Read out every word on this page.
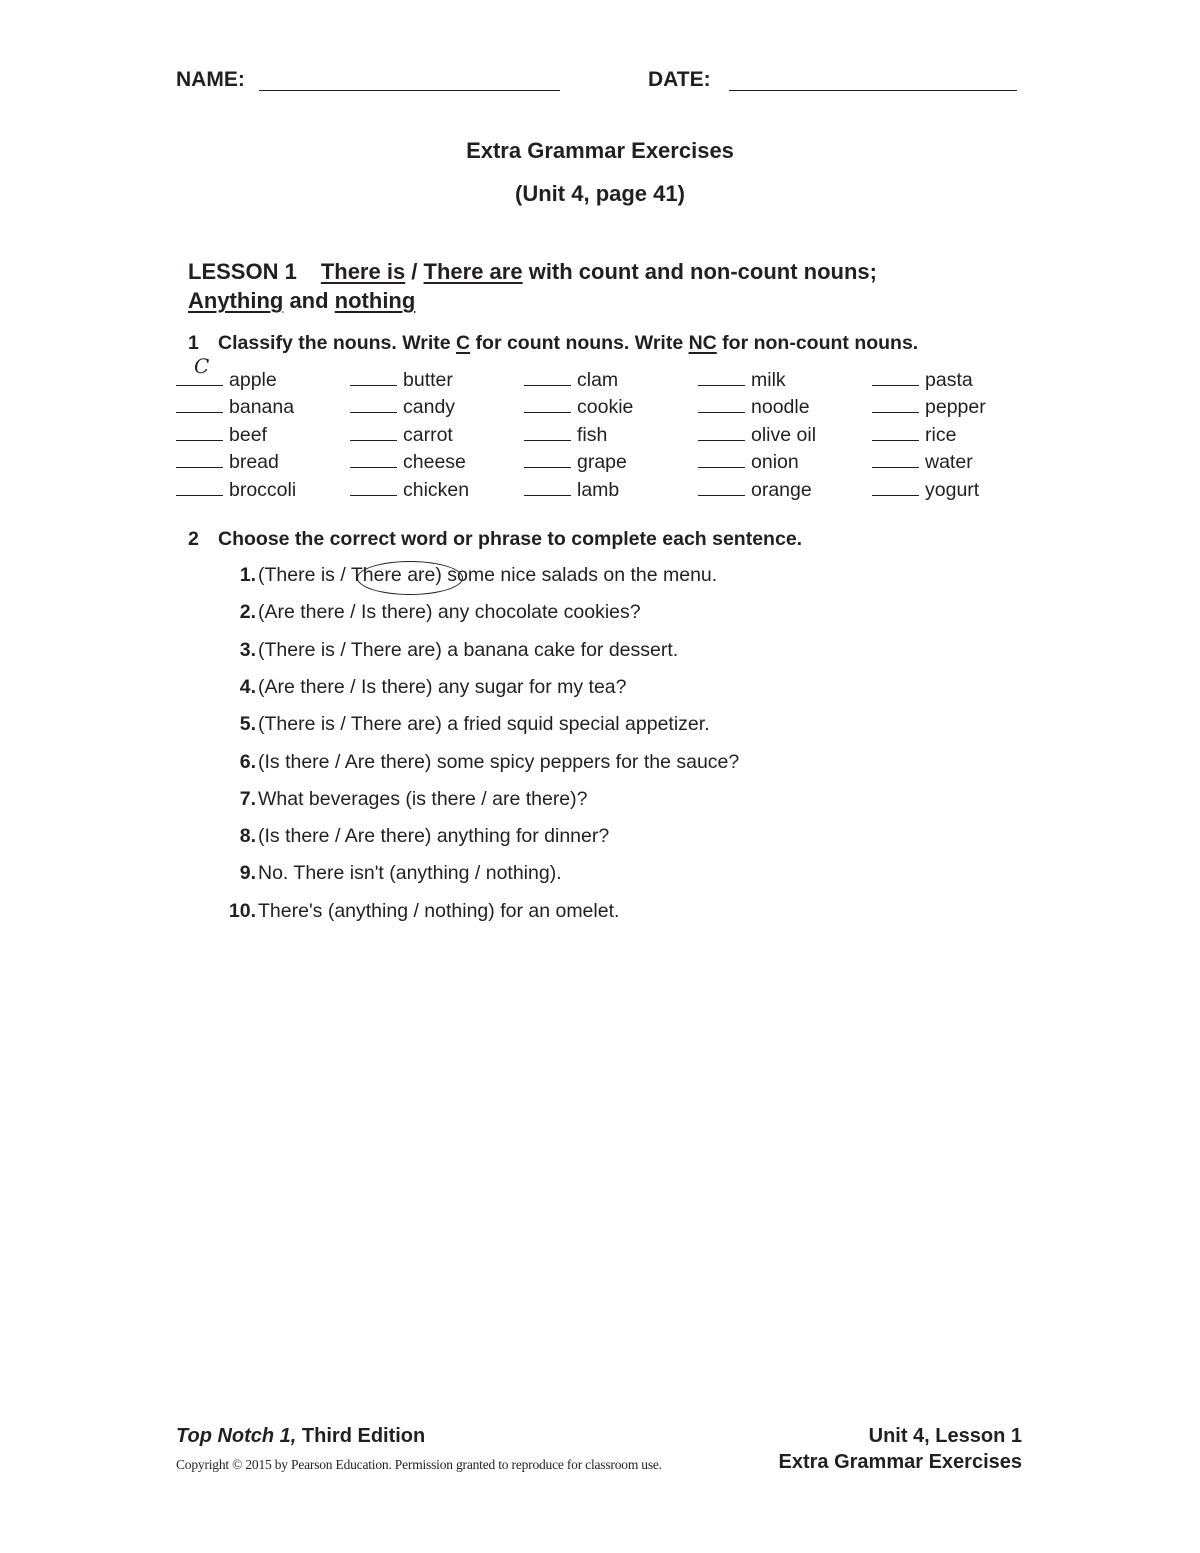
NAME:	DATE:
Extra Grammar Exercises
(Unit 4, page 41)
LESSON 1 There is / There are with count and non-count nouns;
Anything and nothing
1 Classify the nouns. Write C for count nouns. Write NC for non-count nouns.
C
apple
banana
beef
bread
broccoli
butter
candy
carrot
cheese
chicken
clam
cookie
fish
grape
lamb
milk
noodle
olive oil
onion
orange
pasta
pepper
rice
water
yogurt
2 Choose the correct word or phrase to complete each sentence.
1. (There is / There are) some nice salads on the menu.
2. (Are there / Is there) any chocolate cookies?
3. (There is / There are) a banana cake for dessert.
4. (Are there / Is there) any sugar for my tea?
5. (There is / There are) a fried squid special appetizer.
6. (Is there / Are there) some spicy peppers for the sauce?
7. What beverages (is there / are there)?
8. (Is there / Are there) anything for dinner?
9. No. There isn't (anything / nothing).
10. There's (anything / nothing) for an omelet.
Top Notch 1, Third Edition
Copyright © 2015 by Pearson Education. Permission granted to reproduce for classroom use.
Unit 4, Lesson 1
Extra Grammar Exercises
